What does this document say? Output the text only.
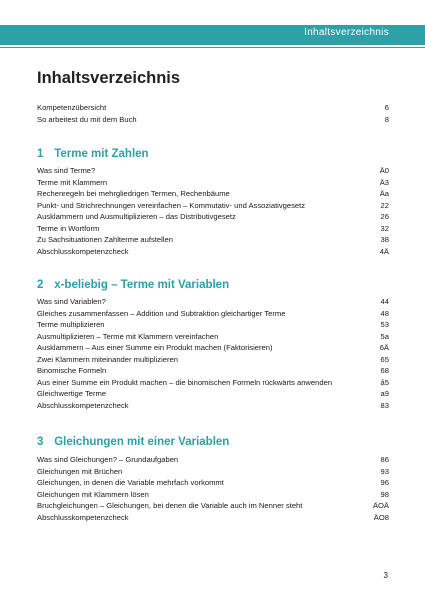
Inhaltsverzeichnis
Inhaltsverzeichnis
Kompetenzübersicht	6
So arbeitest du mit dem Buch	8
1 Terme mit Zahlen
Was sind Terme?	Ä0
Terme mit Klammern	Ä3
Rechenregeln bei mehrgliedrigen Termen, Rechenbäume	Äa
Punkt- und Strichrechnungen vereinfachen – Kommutativ- und Assoziativgesetz	22
Ausklammern und Ausmultiplizieren – das Distributivgesetz	26
Terme in Wortform	32
Zu Sachsituationen Zahlterme aufstellen	38
Abschlusskompetenzcheck	4Ä
2 x-beliebig – Terme mit Variablen
Was sind Variablen?	44
Gleiches zusammenfassen – Addition und Subtraktion gleichartiger Terme	48
Terme multiplizieren	53
Ausmultiplizieren – Terme mit Klammern vereinfachen	5a
Ausklammern – Aus einer Summe ein Produkt machen (Faktorisieren)	6Ä
Zwei Klammern miteinander multiplizieren	65
Binomische Formeln	68
Aus einer Summe ein Produkt machen – die binomischen Formeln rückwärts anwenden	å5
Gleichwertige Terme	a9
Abschlusskompetenzcheck	83
3 Gleichungen mit einer Variablen
Was sind Gleichungen? – Grundaufgaben	86
Gleichungen mit Brüchen	93
Gleichungen, in denen die Variable mehrfach vorkommt	96
Gleichungen mit Klammern lösen	98
Bruchgleichungen – Gleichungen, bei denen die Variable auch im Nenner steht	ÄOÄ
Abschlusskompetenzcheck	ÄO8
3
